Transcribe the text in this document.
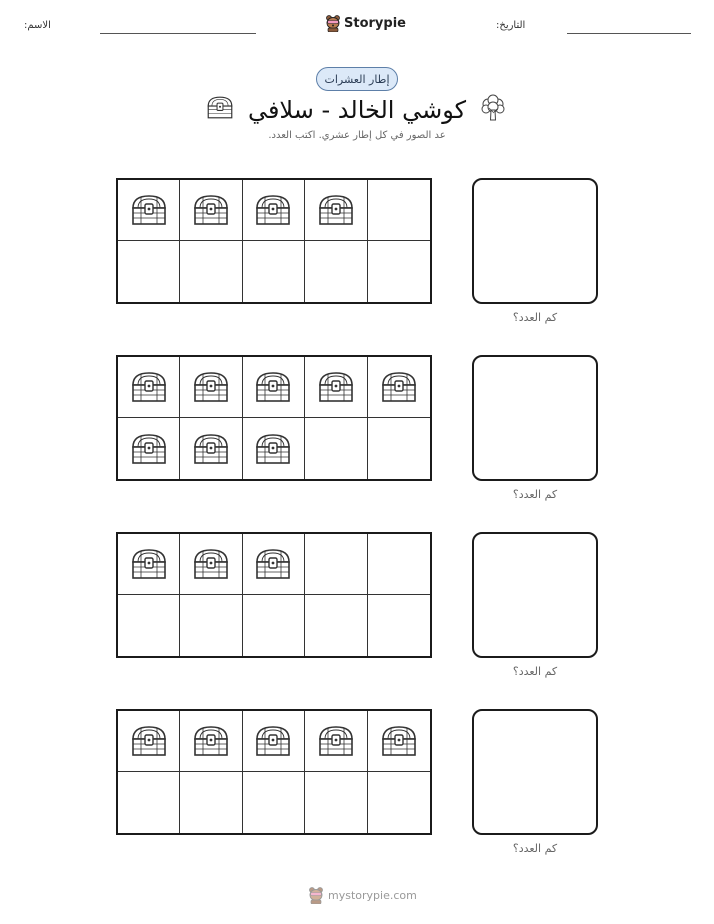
الاسم:	Storypie	التاريخ:
إطار العشرات
كوشي الخالد - سلافي
عد الصور في كل إطار عشري. اكتب العدد.
كم العدد؟
كم العدد؟
كم العدد؟
كم العدد؟
mystorypie.com
